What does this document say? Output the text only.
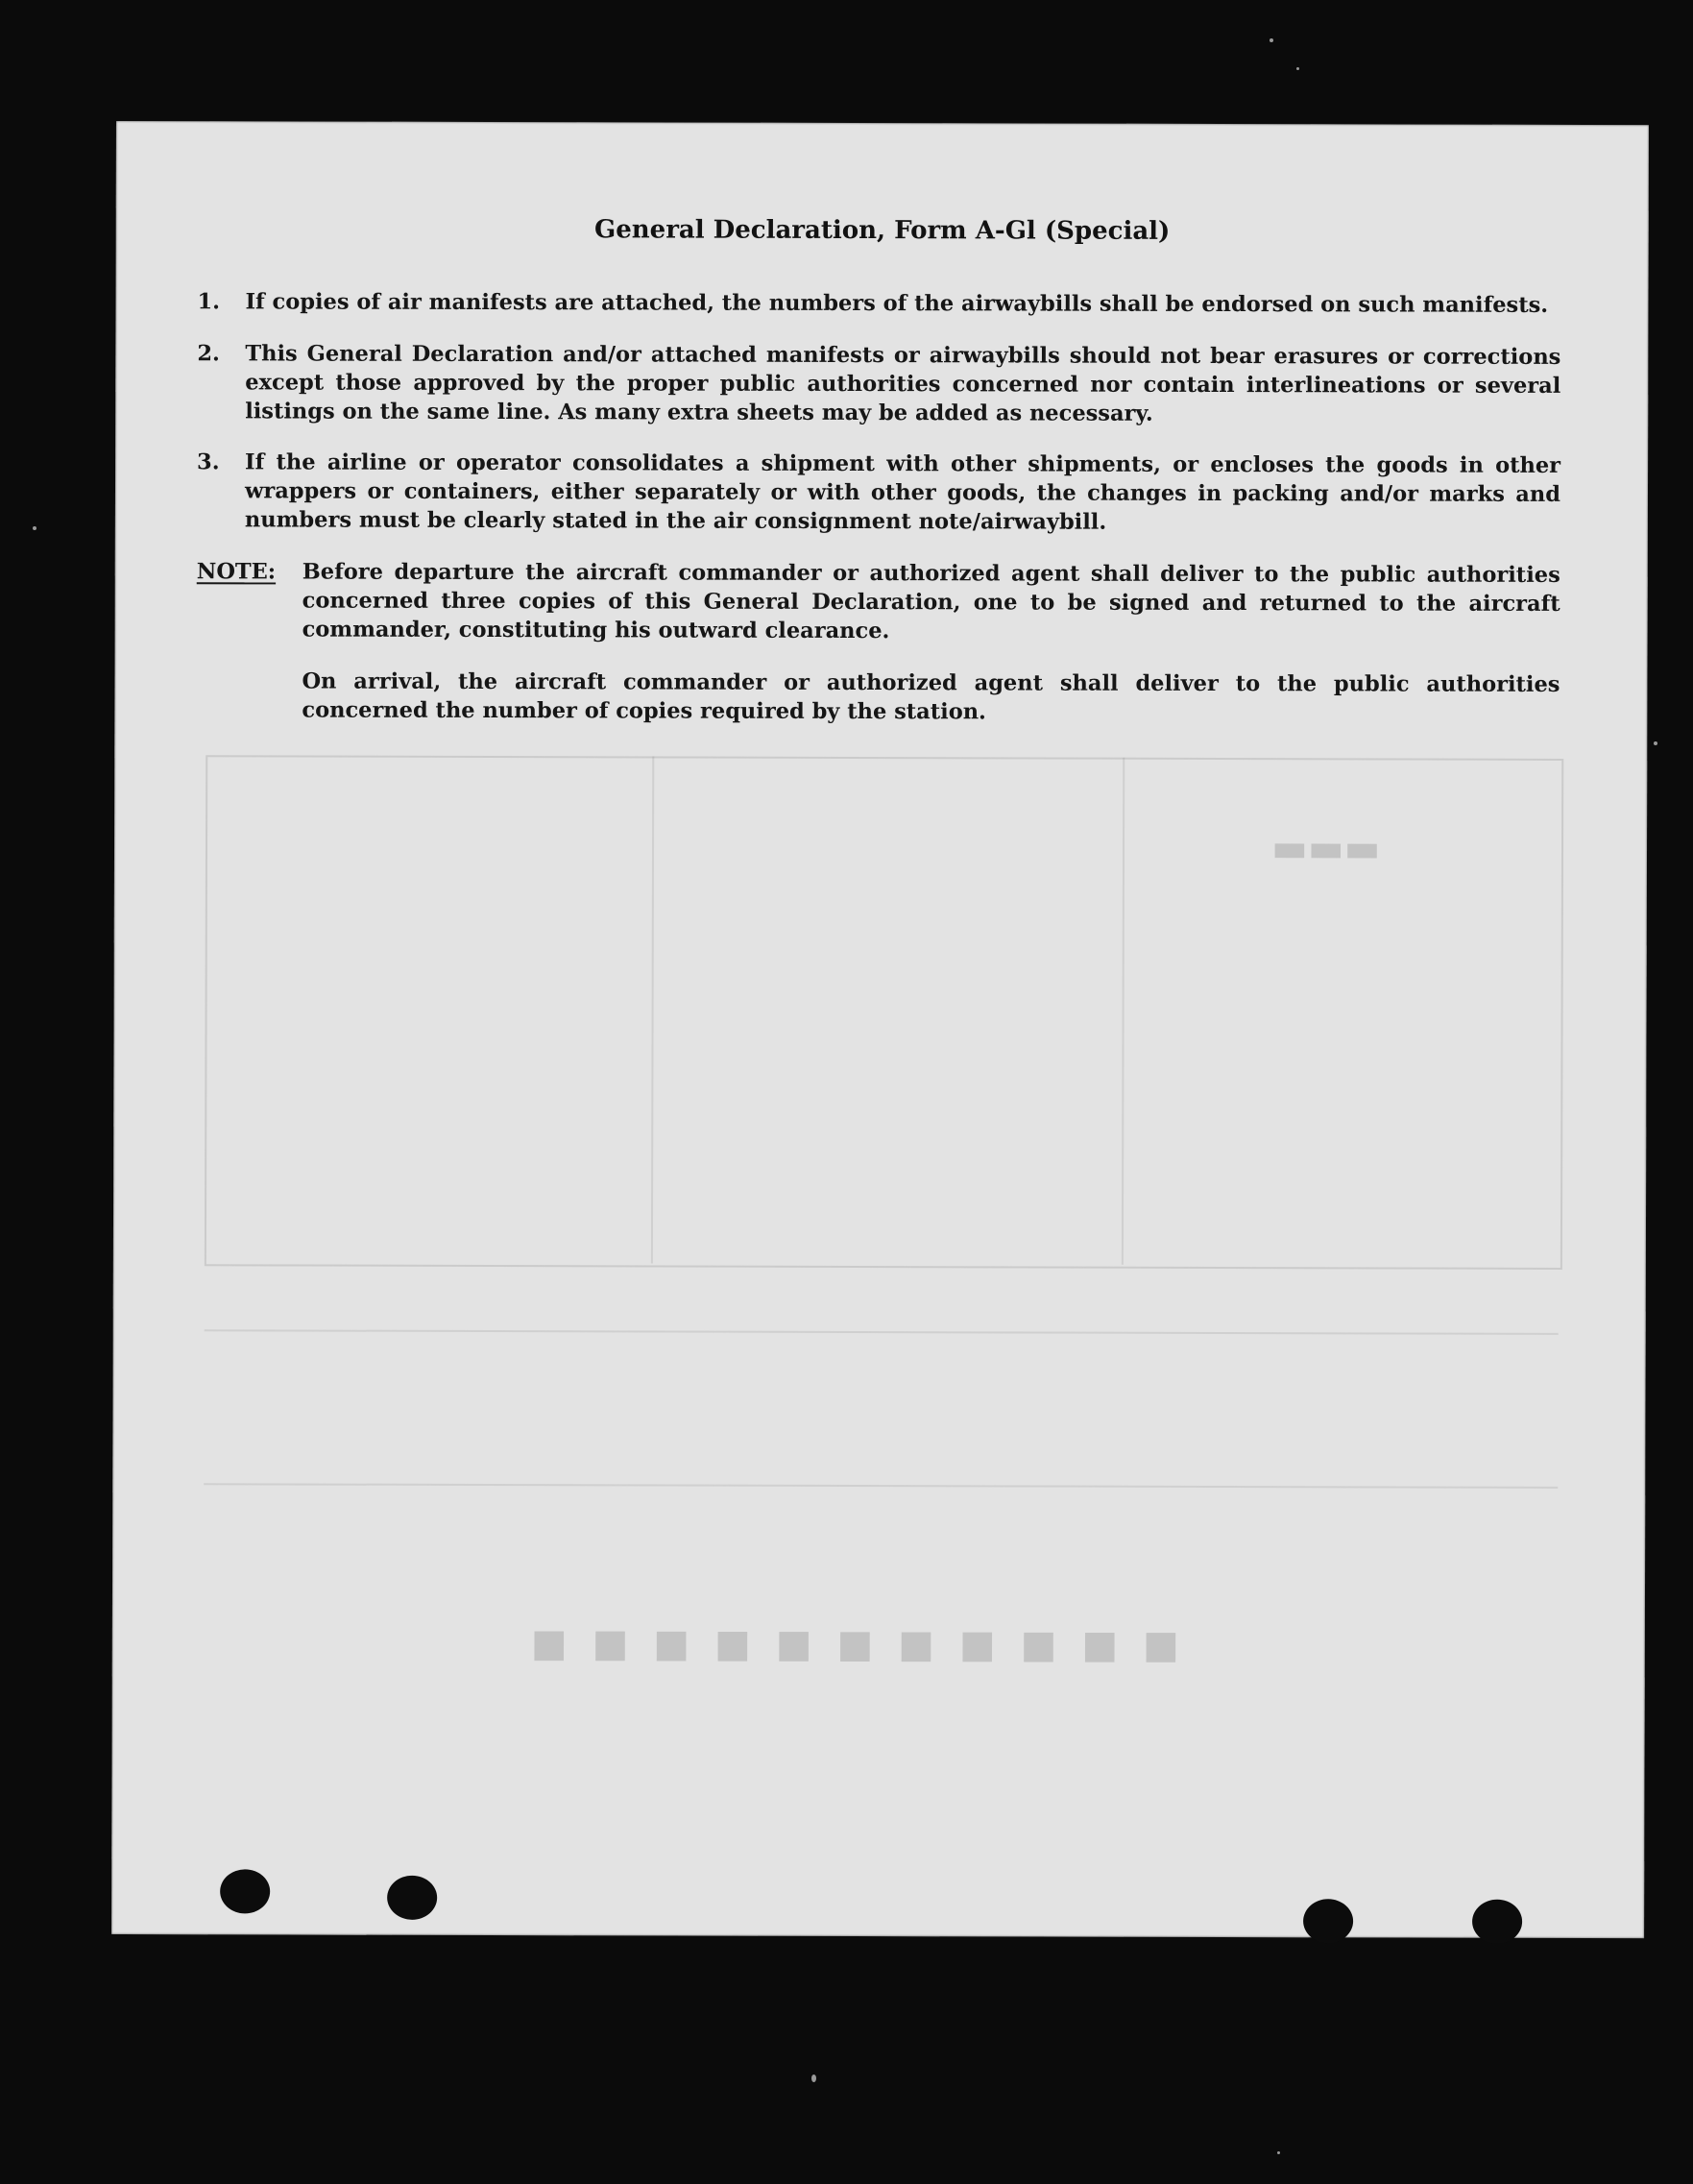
■ ■ ■ ■ ■ ■ ■ ■ ■ ■ ■
▬▬▬
General Declaration, Form A-Gl (Special)
1.	If copies of air manifests are attached, the numbers of the airwaybills shall be endorsed on such manifests.
2.	This General Declaration and/or attached manifests or airwaybills should not bear erasures or corrections except those approved by the proper public authorities concerned nor contain interlineations or several listings on the same line. As many extra sheets may be added as necessary.
3.	If the airline or operator consolidates a shipment with other shipments, or encloses the goods in other wrappers or containers, either separately or with other goods, the changes in packing and/or marks and numbers must be clearly stated in the air consignment note/airwaybill.
NOTE: Before departure the aircraft commander or authorized agent shall deliver to the public authorities concerned three copies of this General Declaration, one to be signed and returned to the aircraft commander, constituting his outward clearance.
On arrival, the aircraft commander or authorized agent shall deliver to the public authorities concerned the number of copies required by the station.
